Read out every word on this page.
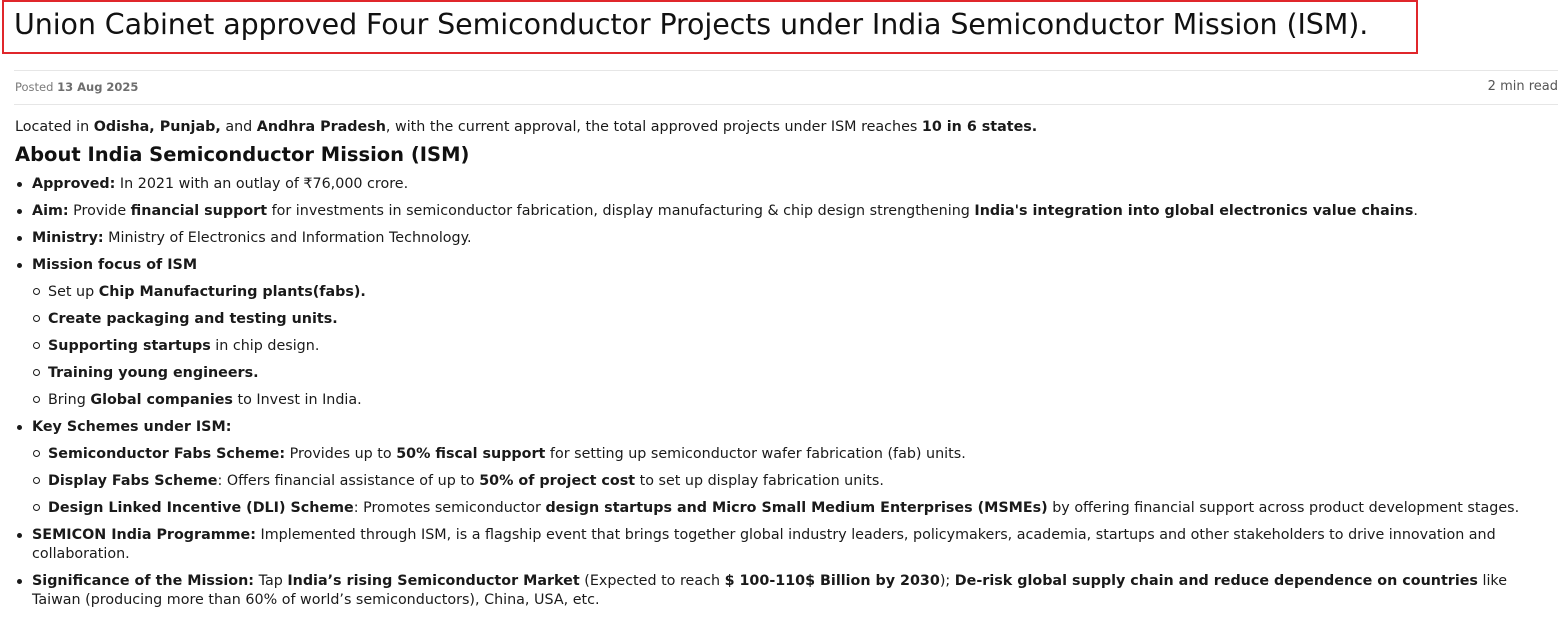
Union Cabinet approved Four Semiconductor Projects under India Semiconductor Mission (ISM).
Posted 13 Aug 2025	2 min read

Located in Odisha, Punjab, and Andhra Pradesh, with the current approval, the total approved projects under ISM reaches 10 in 6 states.

About India Semiconductor Mission (ISM)
Approved: In 2021 with an outlay of ₹76,000 crore.
Aim: Provide financial support for investments in semiconductor fabrication, display manufacturing & chip design strengthening India's integration into global electronics value chains.
Ministry: Ministry of Electronics and Information Technology.
Mission focus of ISM
Set up Chip Manufacturing plants(fabs).
Create packaging and testing units.
Supporting startups in chip design.
Training young engineers.
Bring Global companies to Invest in India.
Key Schemes under ISM:
Semiconductor Fabs Scheme: Provides up to 50% fiscal support for setting up semiconductor wafer fabrication (fab) units.
Display Fabs Scheme: Offers financial assistance of up to 50% of project cost to set up display fabrication units.
Design Linked Incentive (DLI) Scheme: Promotes semiconductor design startups and Micro Small Medium Enterprises (MSMEs) by offering financial support across product development stages.
SEMICON India Programme: Implemented through ISM, is a flagship event that brings together global industry leaders, policymakers, academia, startups and other stakeholders to drive innovation and collaboration.
Significance of the Mission: Tap India’s rising Semiconductor Market (Expected to reach $ 100-110$ Billion by 2030); De-risk global supply chain and reduce dependence on countries like Taiwan (producing more than 60% of world’s semiconductors), China, USA, etc.
